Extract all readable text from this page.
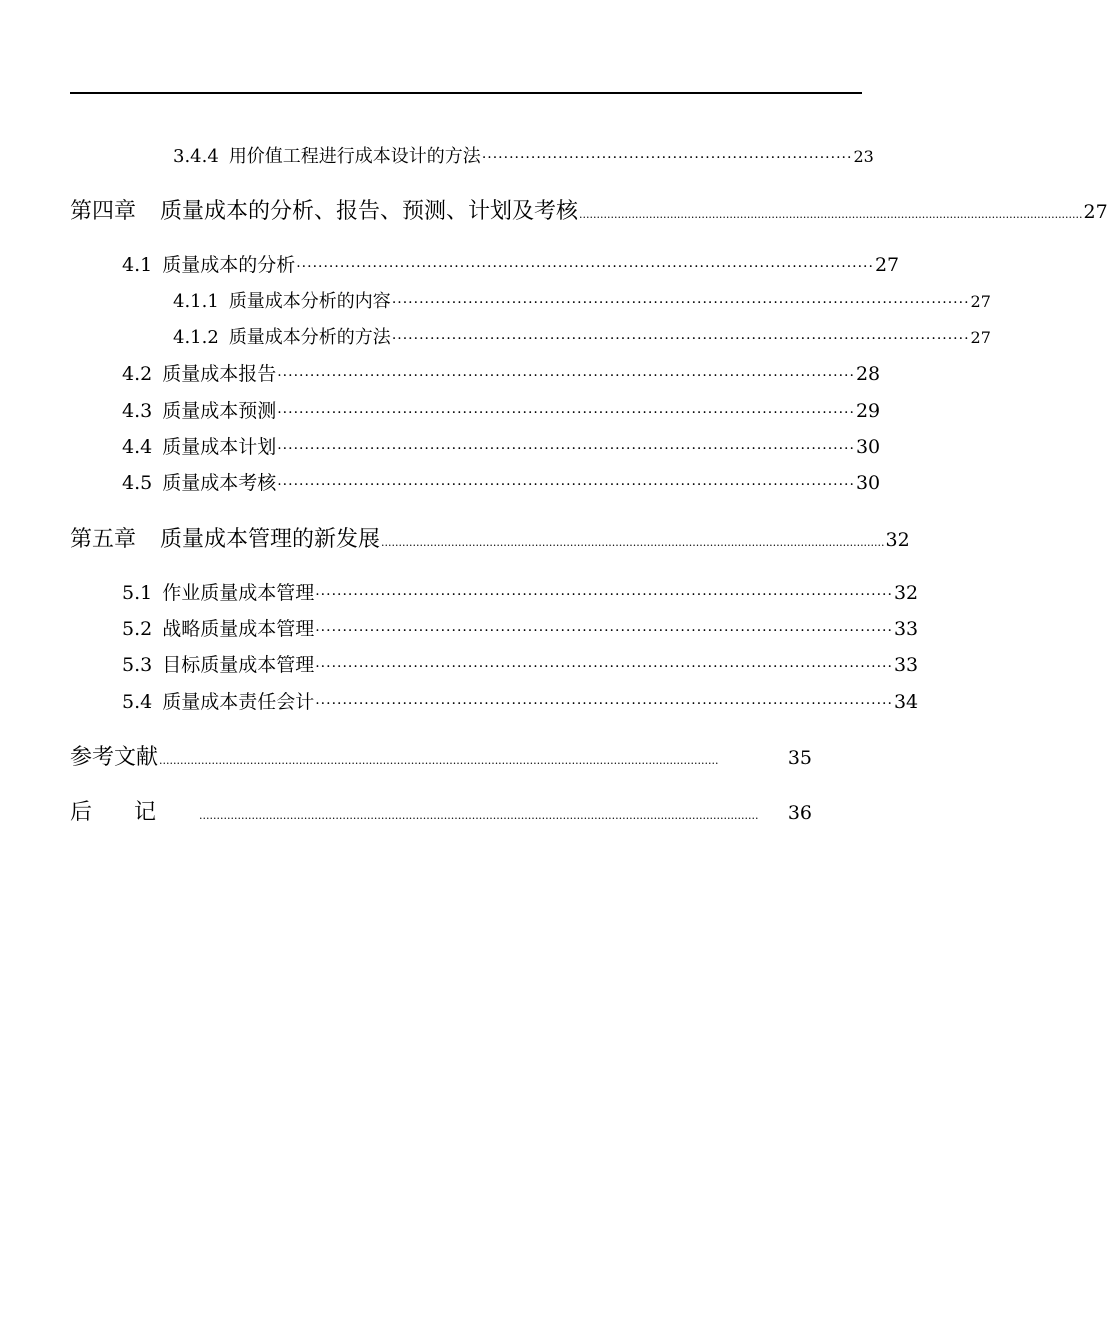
3.4.4 用价值工程进行成本设计的方法 ···································································· 23
第四章 质量成本的分析、报告、预测、计划及考核 ................................................................................................................................................ 27
4.1 质量成本的分析 ·········································································································· 27
4.1.1 质量成本分析的内容 ·········································································································· 27
4.1.2 质量成本分析的方法 ·········································································································· 27
4.2 质量成本报告 ·········································································································· 28
4.3 质量成本预测 ·········································································································· 29
4.4 质量成本计划 ·········································································································· 30
4.5 质量成本考核 ·········································································································· 30
第五章 质量成本管理的新发展 ................................................................................................................................................ 32
5.1 作业质量成本管理 ·········································································································· 32
5.2 战略质量成本管理 ·········································································································· 33
5.3 目标质量成本管理 ·········································································································· 33
5.4 质量成本责任会计 ·········································································································· 34
参考文献 ................................................................................................................................................................	35
后记 ................................................................................................................................................................	36
